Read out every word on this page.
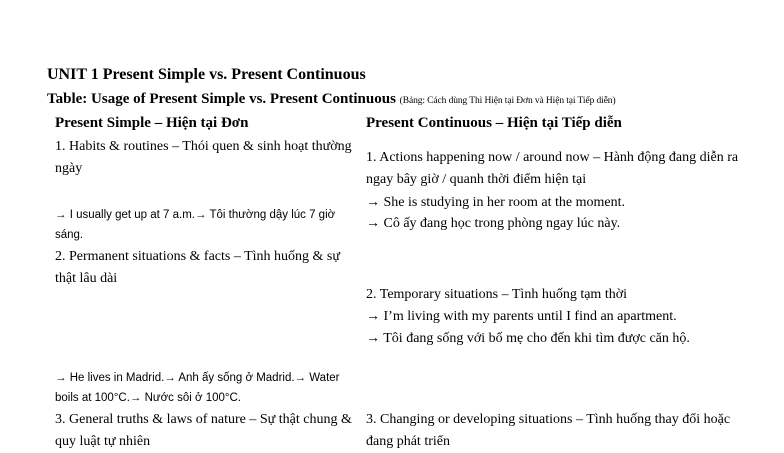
UNIT 1 Present Simple vs. Present Continuous
Table: Usage of Present Simple vs. Present Continuous (Bảng: Cách dùng Thì Hiện tại Đơn và Hiện tại Tiếp diễn)
Present Simple – Hiện tại Đơn	Present Continuous – Hiện tại Tiếp diễn
1. Habits & routines – Thói quen & sinh hoạt thường ngày
→ I usually get up at 7 a.m.→ Tôi thường dậy lúc 7 giờ sáng.
2. Permanent situations & facts – Tình huống & sự thật lâu dài
→ He lives in Madrid.→ Anh ấy sống ở Madrid.→ Water boils at 100°C.→ Nước sôi ở 100°C.
3. General truths & laws of nature – Sự thật chung & quy luật tự nhiên
1. Actions happening now / around now – Hành động đang diễn ra ngay bây giờ / quanh thời điểm hiện tại
→ She is studying in her room at the moment.
→ Cô ấy đang học trong phòng ngay lúc này.
2. Temporary situations – Tình huống tạm thời
→ I’m living with my parents until I find an apartment.
→ Tôi đang sống với bố mẹ cho đến khi tìm được căn hộ.
3. Changing or developing situations – Tình huống thay đổi hoặc đang phát triển
